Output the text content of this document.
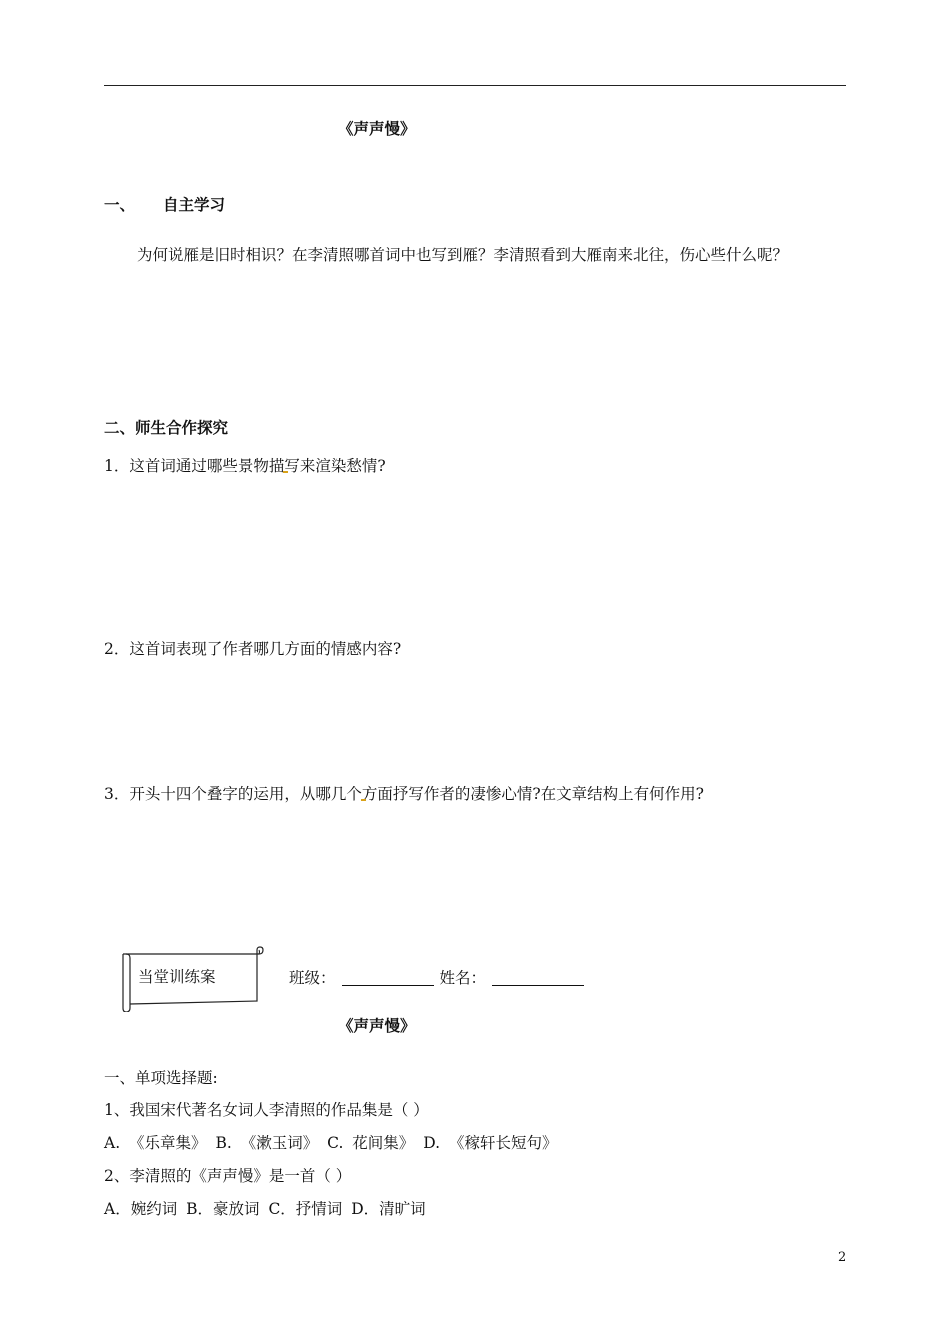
《声声慢》
一、 自主学习
为何说雁是旧时相识？在李清照哪首词中也写到雁？李清照看到大雁南来北往，伤心些什么呢？
二、师生合作探究
1．这首词通过哪些景物描写来渲染愁情?
2．这首词表现了作者哪几方面的情感内容?
3．开头十四个叠字的运用，从哪几个方面抒写作者的凄惨心情?在文章结构上有何作用?
当堂训练案	班级：	姓名：
《声声慢》
一、单项选择题:
1、我国宋代著名女词人李清照的作品集是（ ）
A. 《乐章集》 B. 《漱玉词》 C. 花间集》 D. 《稼轩长短句》
2、李清照的《声声慢》是一首（ ）
A．婉约词 B．豪放词 C．抒情词 D．清旷词
2
